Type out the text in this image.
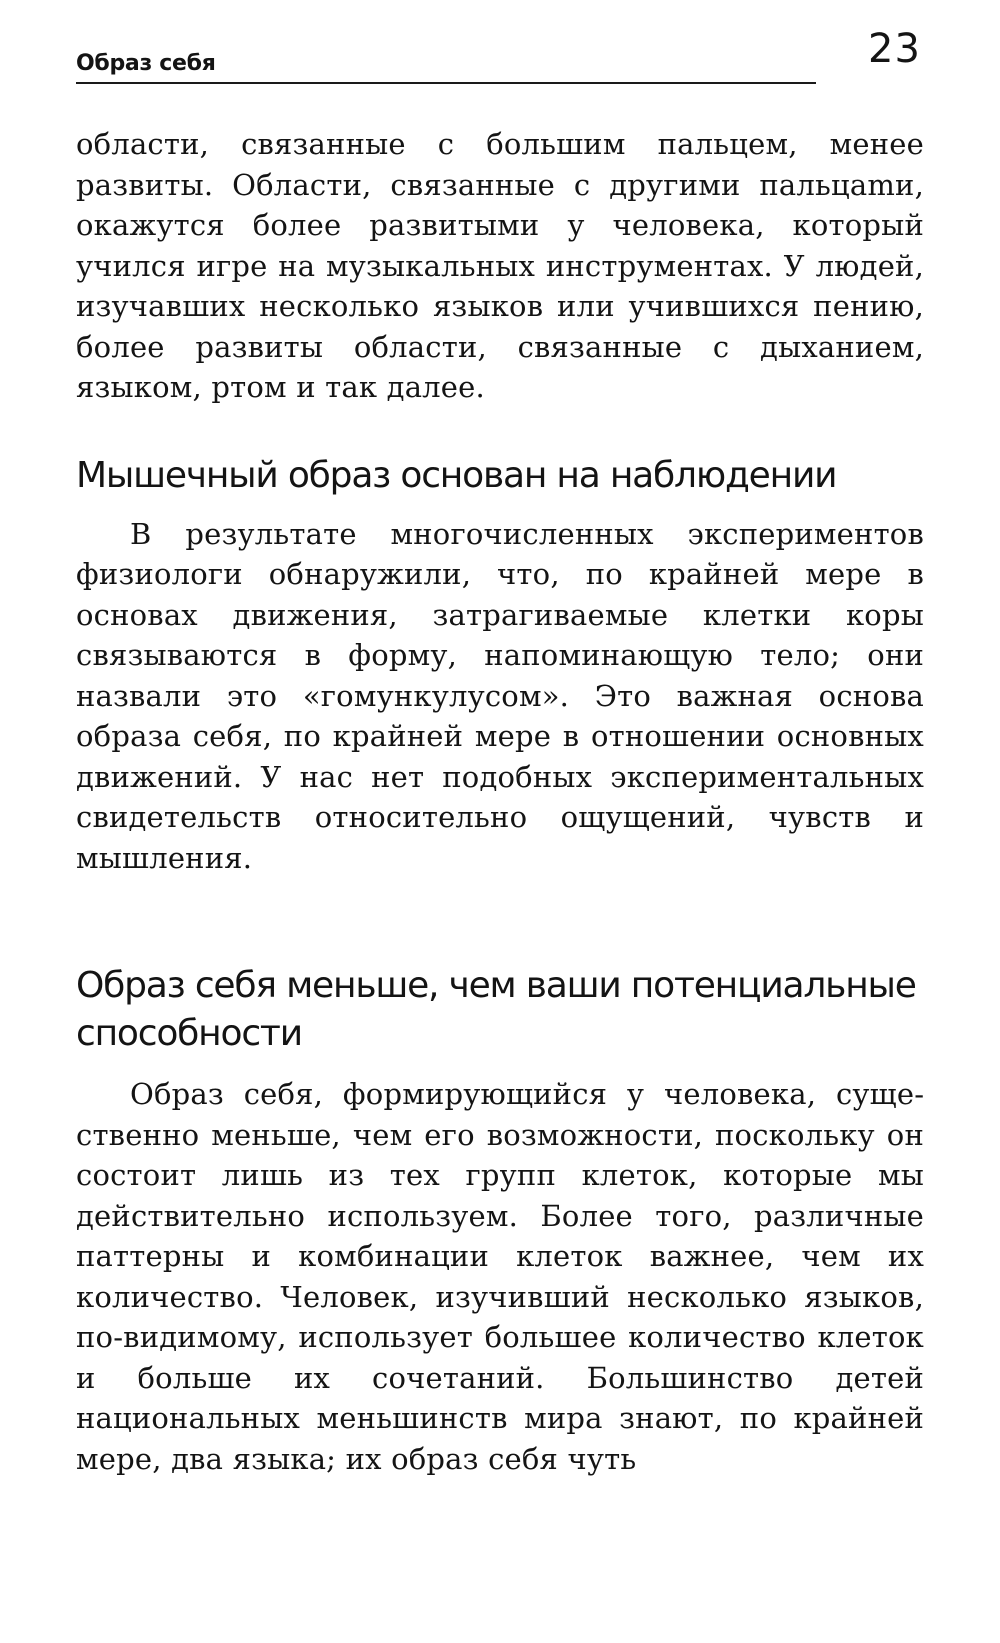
Образ себя	23

области, связанные с большим пальцем, менее развиты. Области, связанные с другими пальцаmи, окажутся более развитыми у человека, который учился игре на музыкальных инструментах. У людей, изучавших несколько языков или учившихся пению, более развиты области, связанные с дыханием, языком, ртом и так далее.

Мышечный образ основан на наблюдении

В результате многочисленных экспериментов физиологи обнаружили, что, по крайней мере в основах движения, затрагиваемые клетки коры связываются в форму, напоминающую тело; они назвали это «гомункулусом». Это важная основа образа себя, по крайней мере в отношении основных движений. У нас нет подобных экспериментальных свидетельств относительно ощущений, чувств и мышления.

Образ себя меньше, чем ваши потенциальные способности

Образ себя, формирующийся у человека, существенно меньше, чем его возможности, поскольку он состоит лишь из тех групп клеток, которые мы действительно используем. Более того, различные паттерны и комбинации клеток важнее, чем их количество. Человек, изучивший несколько языков, по-видимому, использует большее количество клеток и больше их сочетаний. Большинство детей национальных меньшинств мира знают, по крайней мере, два языка; их образ себя чуть
